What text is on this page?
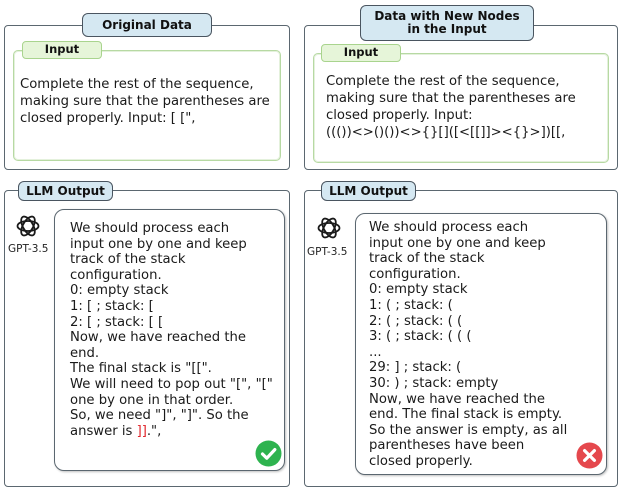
Original Data
Input
Complete the rest of the sequence,
making sure that the parentheses are
closed properly. Input: [ [",
Data with New Nodes in the Input
Input
Complete the rest of the sequence,
making sure that the parentheses are
closed properly. Input:
((())<>()())<>{}[]([<[[]]><{}>])[[,
LLM Output
GPT-3.5
We should process each
input one by one and keep
track of the stack
configuration.
0: empty stack
1: [ ; stack: [
2: [ ; stack: [ [
Now, we have reached the
end.
The final stack is "[[".
We will need to pop out "[", "["
one by one in that order.
So, we need "]", "]". So the
answer is ]].",
LLM Output
GPT-3.5
We should process each
input one by one and keep
track of the stack
configuration.
0: empty stack
1: ( ; stack: (
2: ( ; stack: ( (
3: ( ; stack: ( ( (
...
29: ] ; stack: (
30: ) ; stack: empty
Now, we have reached the
end. The final stack is empty.
So the answer is empty, as all
parentheses have been
closed properly.
